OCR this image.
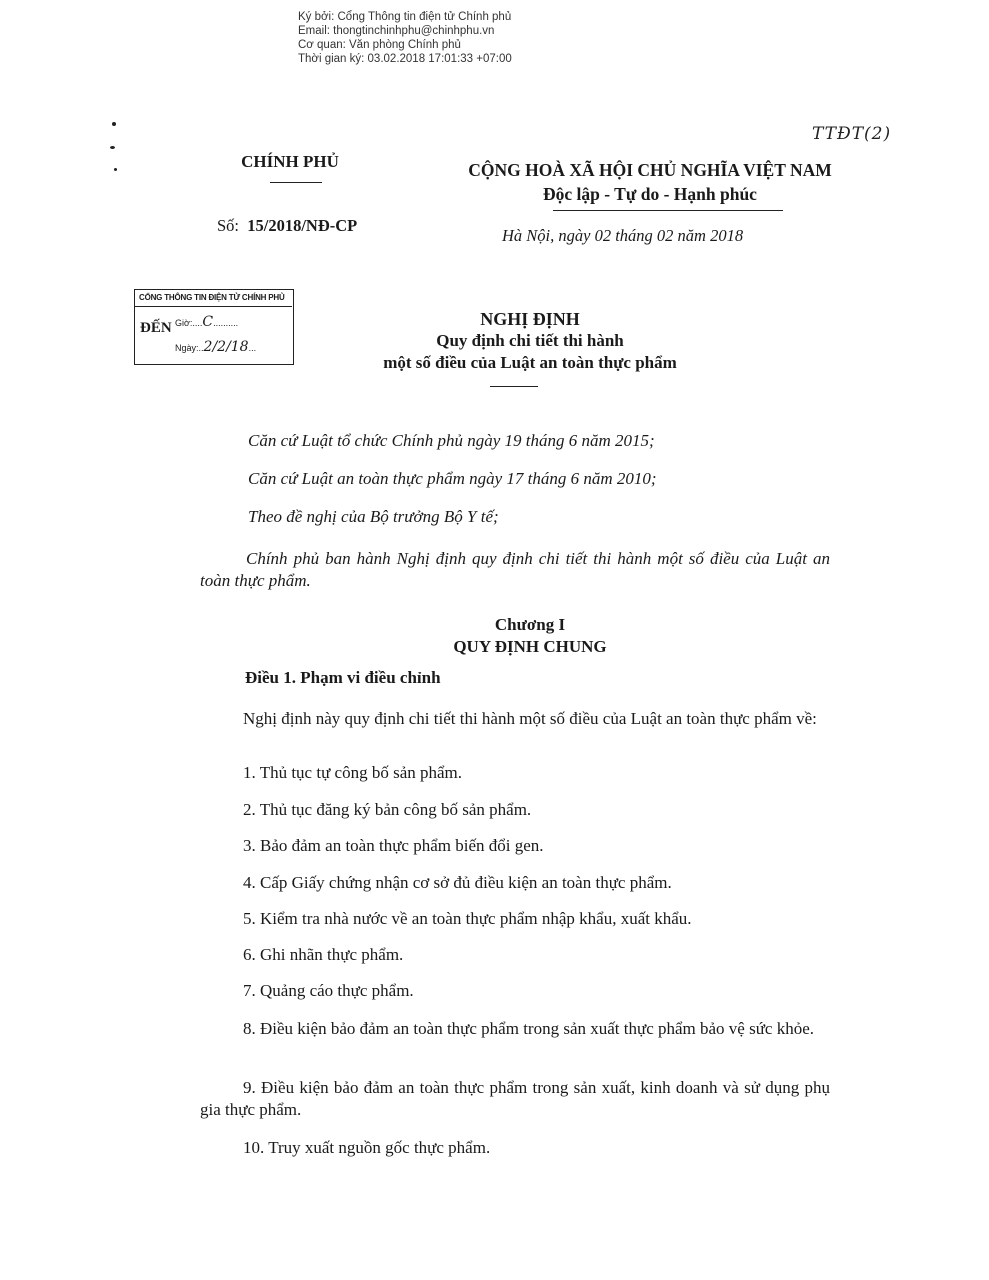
Ký bởi: Cổng Thông tin điện tử Chính phủ
Email: thongtinchinhphu@chinhphu.vn
Cơ quan: Văn phòng Chính phủ
Thời gian ký: 03.02.2018 17:01:33 +07:00
TTĐT(2)
CHÍNH PHỦ	CỘNG HOÀ XÃ HỘI CHỦ NGHĨA VIỆT NAM
Độc lập - Tự do - Hạnh phúc
Số: 15/2018/NĐ-CP
Hà Nội, ngày 02 tháng 02 năm 2018
CỔNG THÔNG TIN ĐIỆN TỬ CHÍNH PHỦ
ĐẾN Giờ:....C..........
Ngày:..2/2/18...
NGHỊ ĐỊNH
Quy định chi tiết thi hành
một số điều của Luật an toàn thực phẩm
Căn cứ Luật tổ chức Chính phủ ngày 19 tháng 6 năm 2015;
Căn cứ Luật an toàn thực phẩm ngày 17 tháng 6 năm 2010;
Theo đề nghị của Bộ trưởng Bộ Y tế;
Chính phủ ban hành Nghị định quy định chi tiết thi hành một số điều của Luật an toàn thực phẩm.
Chương I
QUY ĐỊNH CHUNG
Điều 1. Phạm vi điều chỉnh
Nghị định này quy định chi tiết thi hành một số điều của Luật an toàn thực phẩm về:
1. Thủ tục tự công bố sản phẩm.
2. Thủ tục đăng ký bản công bố sản phẩm.
3. Bảo đảm an toàn thực phẩm biến đổi gen.
4. Cấp Giấy chứng nhận cơ sở đủ điều kiện an toàn thực phẩm.
5. Kiểm tra nhà nước về an toàn thực phẩm nhập khẩu, xuất khẩu.
6. Ghi nhãn thực phẩm.
7. Quảng cáo thực phẩm.
8. Điều kiện bảo đảm an toàn thực phẩm trong sản xuất thực phẩm bảo vệ sức khỏe.
9. Điều kiện bảo đảm an toàn thực phẩm trong sản xuất, kinh doanh và sử dụng phụ gia thực phẩm.
10. Truy xuất nguồn gốc thực phẩm.
